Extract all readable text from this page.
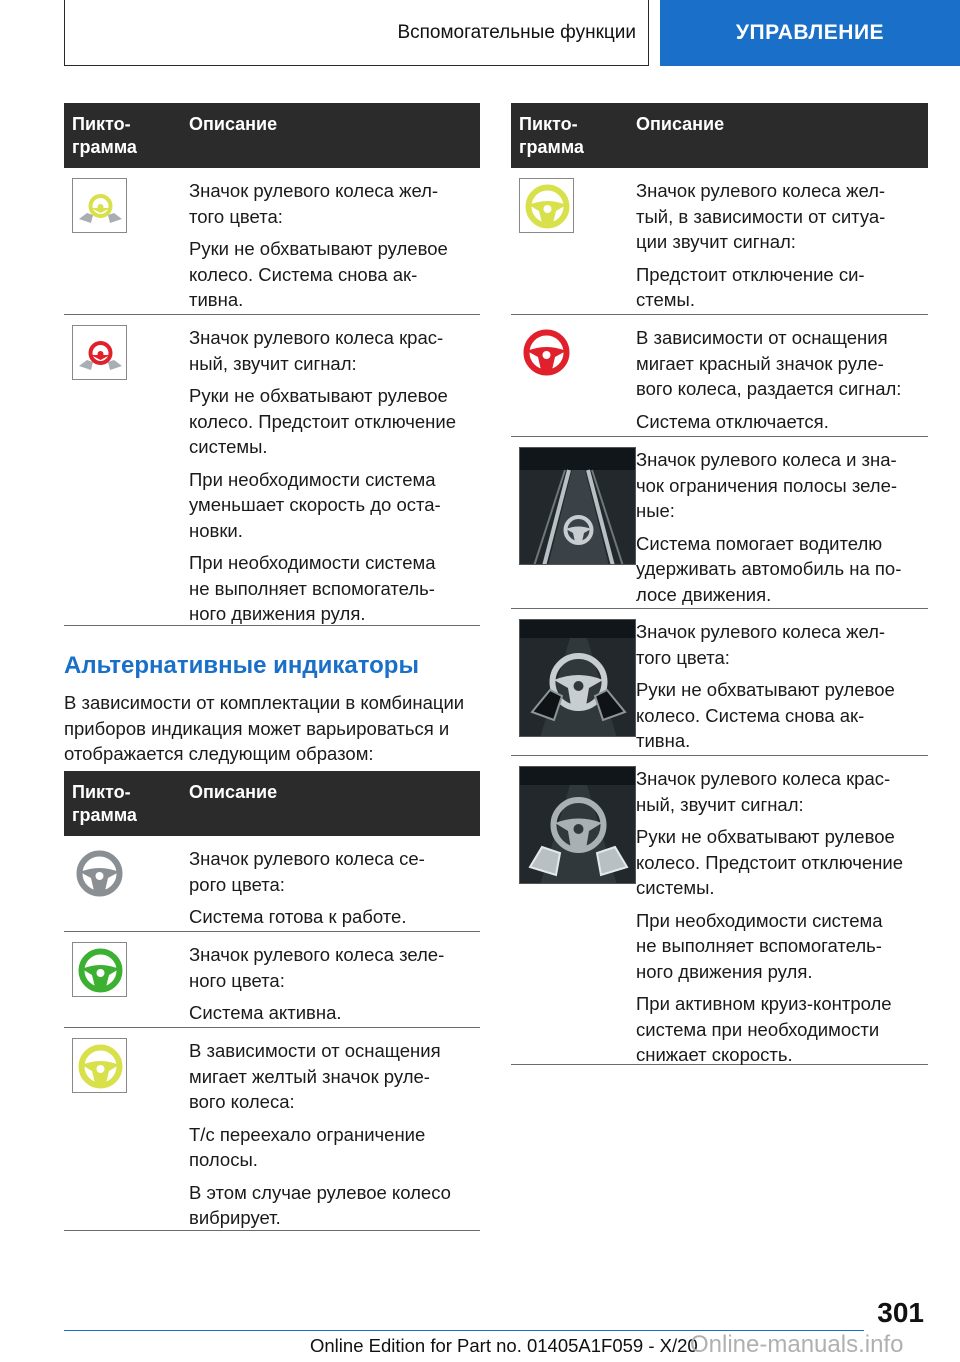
Вспомогательные функции	УПРАВЛЕНИЕ
Пикто-
грамма
Описание

Значок рулевого колеса жел-
того цвета:

Руки не обхватывают рулевое
колесо. Система снова ак-
тивна.

Значок рулевого колеса крас-
ный, звучит сигнал:

Руки не обхватывают рулевое
колесо. Предстоит отключение
системы.

При необходимости система
уменьшает скорость до оста-
новки.

При необходимости система
не выполняет вспомогатель-
ного движения руля.

Альтернативные индикаторы
В зависимости от комплектации в комбинации приборов индикация может варьироваться и отображается следующим образом:
Пикто-
грамма
Описание

Значок рулевого колеса се-
рого цвета:

Система готова к работе.

Значок рулевого колеса зеле-
ного цвета:

Система активна.

В зависимости от оснащения
мигает желтый значок руле-
вого колеса:

Т/с переехало ограничение
полосы.

В этом случае рулевое колесо
вибрирует.

Пикто-
грамма
Описание

Значок рулевого колеса жел-
тый, в зависимости от ситуа-
ции звучит сигнал:

Предстоит отключение си-
стемы.

В зависимости от оснащения
мигает красный значок руле-
вого колеса, раздается сигнал:

Система отключается.

Значок рулевого колеса и зна-
чок ограничения полосы зеле-
ные:

Система помогает водителю
удерживать автомобиль на по-
лосе движения.

Значок рулевого колеса жел-
того цвета:

Руки не обхватывают рулевое
колесо. Система снова ак-
тивна.

Значок рулевого колеса крас-
ный, звучит сигнал:

Руки не обхватывают рулевое
колесо. Предстоит отключение
системы.

При необходимости система
не выполняет вспомогатель-
ного движения руля.

При активном круиз-контроле
система при необходимости
снижает скорость.

301
Online Edition for Part no. 01405A1F059 - X/20
Online-manuals.info
